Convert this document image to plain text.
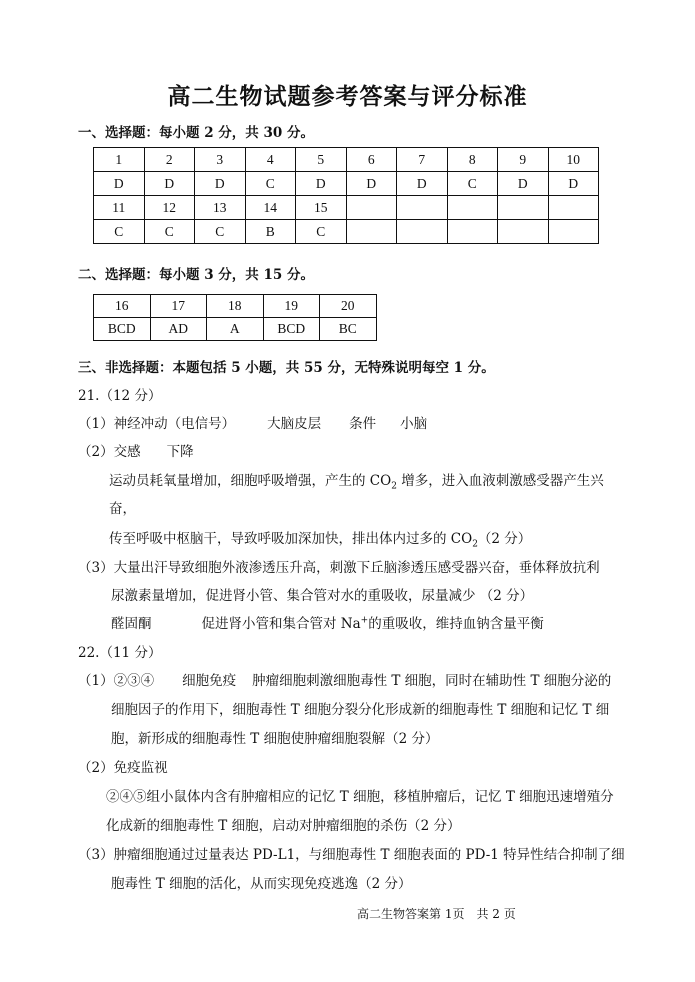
高二生物试题参考答案与评分标准
一、选择题：每小题 2 分，共 30 分。
1	2	3	4	5	6	7	8	9	10
D	D	D	C	D	D	D	C	D	D
11	12	13	14	15					
C	C	C	B	C					
二、选择题：每小题 3 分，共 15 分。
16	17	18	19	20
BCD	AD	A	BCD	BC
三、非选择题：本题包括 5 小题，共 55 分，无特殊说明每空 1 分。
21.（12 分）
（1）神经冲动（电信号） 大脑皮层 条件 小脑
（2）交感 下降
运动员耗氧量增加，细胞呼吸增强，产生的 $CO_2$ 增多，进入血液刺激感受器产生兴
奋，
传至呼吸中枢脑干，导致呼吸加深加快，排出体内过多的 $CO_2(2$ 分）
（3）大量出汗导致细胞外液渗透压升高，刺激下丘脑渗透压感受器兴奋，垂体释放抗利
尿激素量增加，促进肾小管、集合管对水的重吸收，尿量减少 （2 分）
醛固酮	促进肾小管和集合管对 Na+的重吸收，维持血钠含量平衡
22.（11 分）
（1）②③④ 细胞免疫 肿瘤细胞刺激细胞毒性 T 细胞，同时在辅助性 T 细胞分泌的
细胞因子的作用下，细胞毒性 T 细胞分裂分化形成新的细胞毒性 T 细胞和记忆 T 细
胞，新形成的细胞毒性 T 细胞使肿瘤细胞裂解（2 分）
（2）免疫监视
②④⑤组小鼠体内含有肿瘤相应的记忆 T 细胞，移植肿瘤后，记忆 T 细胞迅速增殖分
化成新的细胞毒性 T 细胞，启动对肿瘤细胞的杀伤（2 分）
（3）肿瘤细胞通过过量表达 PD-L1，与细胞毒性 T 细胞表面的 PD-1 特异性结合抑制了细
胞毒性 T 细胞的活化，从而实现免疫逃逸（2 分）
高二生物答案第 1页　共 2 页
